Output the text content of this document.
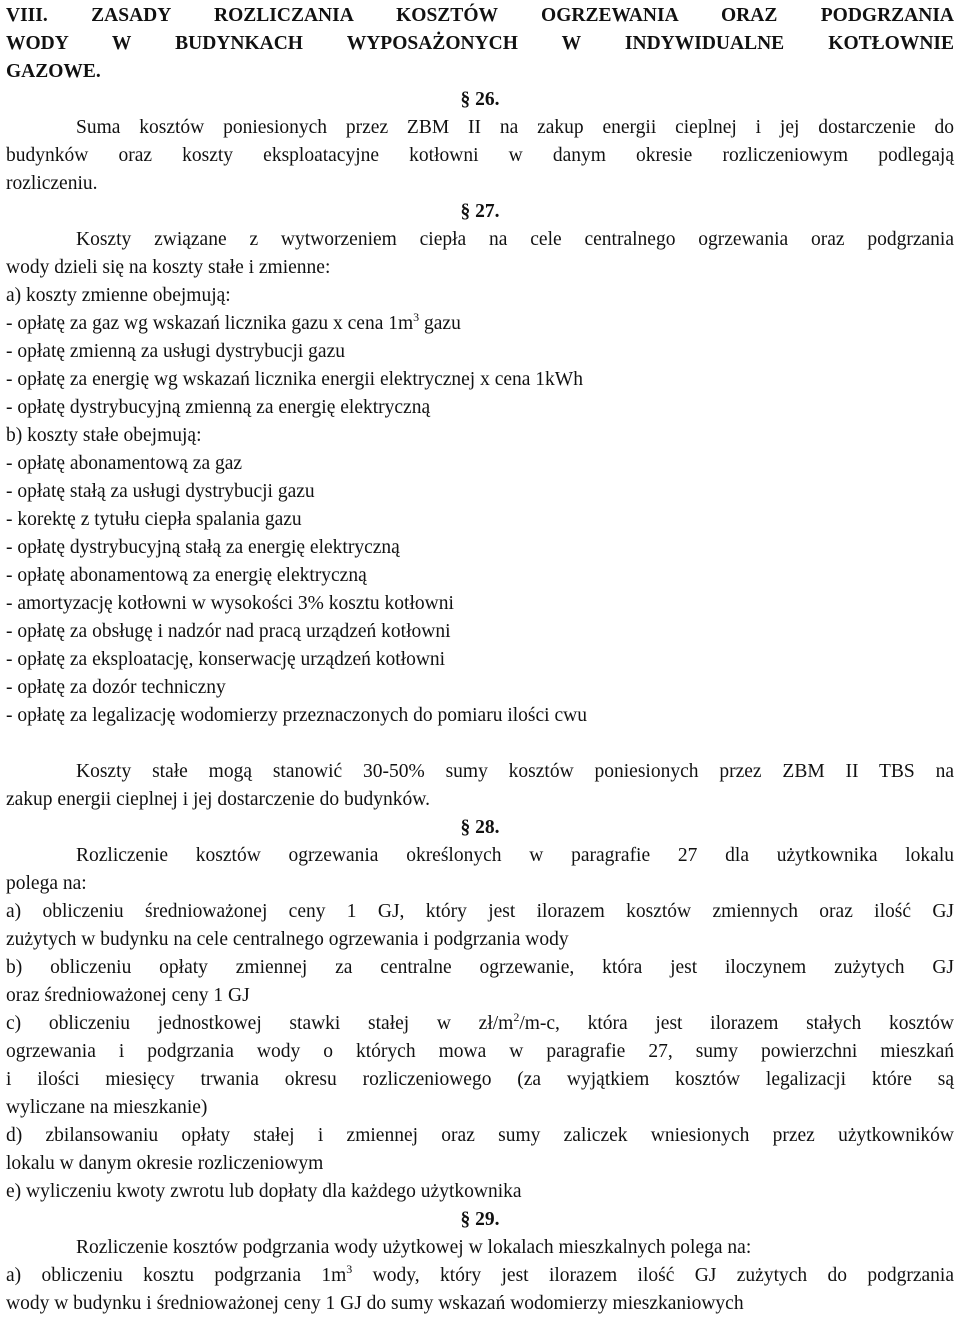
VIII. ZASADY ROZLICZANIA KOSZTÓW OGRZEWANIA ORAZ PODGRZANIA
WODY W BUDYNKACH WYPOSAŻONYCH W INDYWIDUALNE KOTŁOWNIE
GAZOWE.
§ 26.

Suma kosztów poniesionych przez ZBM II na zakup energii cieplnej i jej dostarczenie do
budynków oraz koszty eksploatacyjne kotłowni w danym okresie rozliczeniowym podlegają
rozliczeniu.

§ 27.

Koszty związane z wytworzeniem ciepła na cele centralnego ogrzewania oraz podgrzania
wody dzieli się na koszty stałe i zmienne:

a) koszty zmienne obejmują:
- opłatę za gaz wg wskazań licznika gazu x cena $1m^3$ gazu
- opłatę zmienną za usługi dystrybucji gazu
- opłatę za energię wg wskazań licznika energii elektrycznej x cena 1kWh
- opłatę dystrybucyjną zmienną za energię elektryczną
b) koszty stałe obejmują:
- opłatę abonamentową za gaz
- opłatę stałą za usługi dystrybucji gazu
- korektę z tytułu ciepła spalania gazu
- opłatę dystrybucyjną stałą za energię elektryczną
- opłatę abonamentową za energię elektryczną
- amortyzację kotłowni w wysokości 3% kosztu kotłowni
- opłatę za obsługę i nadzór nad pracą urządzeń kotłowni
- opłatę za eksploatację, konserwację urządzeń kotłowni
- opłatę za dozór techniczny
- opłatę za legalizację wodomierzy przeznaczonych do pomiaru ilości cwu

Koszty stałe mogą stanowić 30-50% sumy kosztów poniesionych przez ZBM II TBS na
zakup energii cieplnej i jej dostarczenie do budynków.

§ 28.

Rozliczenie kosztów ogrzewania określonych w paragrafie 27 dla użytkownika lokalu
polega na:
a) obliczeniu średnioważonej ceny 1 GJ, który jest ilorazem kosztów zmiennych oraz ilość GJ
zużytych w budynku na cele centralnego ogrzewania i podgrzania wody
b) obliczeniu opłaty zmiennej za centralne ogrzewanie, która jest iloczynem zużytych GJ
oraz średnioważonej ceny 1 GJ
c) obliczeniu jednostkowej stawki stałej w $zł/m^2/m-c$, która jest ilorazem stałych kosztów
ogrzewania i podgrzania wody o których mowa w paragrafie 27, sumy powierzchni mieszkań
i ilości miesięcy trwania okresu rozliczeniowego (za wyjątkiem kosztów legalizacji które są
wyliczane na mieszkanie)
d) zbilansowaniu opłaty stałej i zmiennej oraz sumy zaliczek wniesionych przez użytkowników
lokalu w danym okresie rozliczeniowym
e) wyliczeniu kwoty zwrotu lub dopłaty dla każdego użytkownika

§ 29.

Rozliczenie kosztów podgrzania wody użytkowej w lokalach mieszkalnych polega na:
a) obliczeniu kosztu podgrzania $1m^3$ wody, który jest ilorazem ilość GJ zużytych do podgrzania
wody w budynku i średnioważonej ceny 1 GJ do sumy wskazań wodomierzy mieszkaniowych
